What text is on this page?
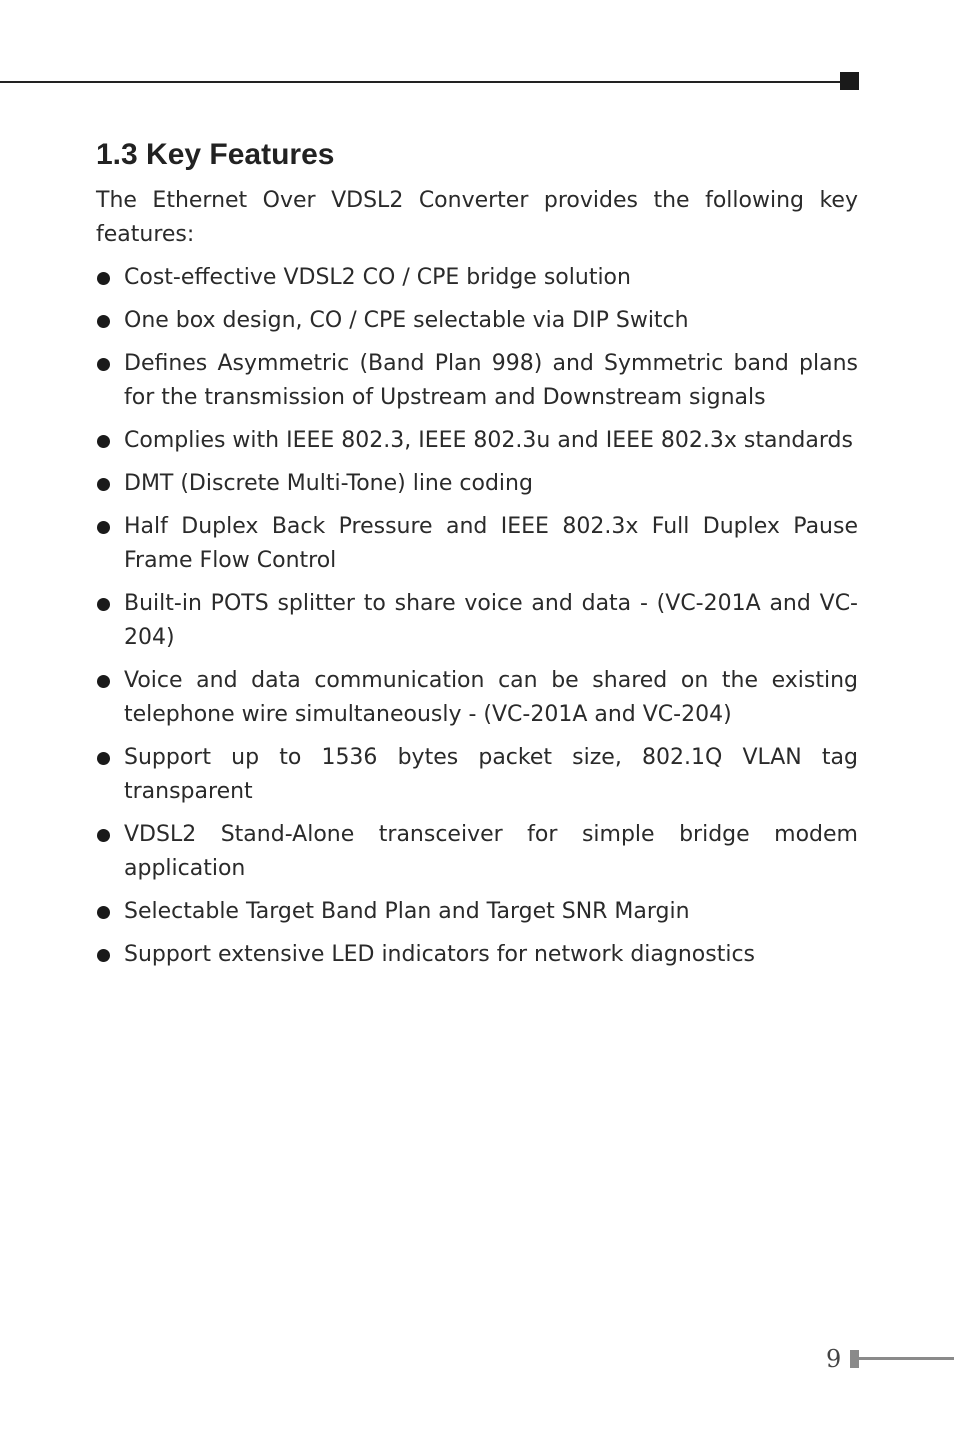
1.3 Key Features

The Ethernet Over VDSL2 Converter provides the following key features:

Cost-effective VDSL2 CO / CPE bridge solution
One box design, CO / CPE selectable via DIP Switch
Defines Asymmetric (Band Plan 998) and Symmetric band plans for the transmission of Upstream and Downstream signals
Complies with IEEE 802.3, IEEE 802.3u and IEEE 802.3x standards
DMT (Discrete Multi-Tone) line coding
Half Duplex Back Pressure and IEEE 802.3x Full Duplex Pause Frame Flow Control
Built-in POTS splitter to share voice and data - (VC-201A and VC-204)
Voice and data communication can be shared on the existing telephone wire simultaneously - (VC-201A and VC-204)
Support up to 1536 bytes packet size, 802.1Q VLAN tag transparent
VDSL2 Stand-Alone transceiver for simple bridge modem application
Selectable Target Band Plan and Target SNR Margin
Support extensive LED indicators for network diagnostics
9
